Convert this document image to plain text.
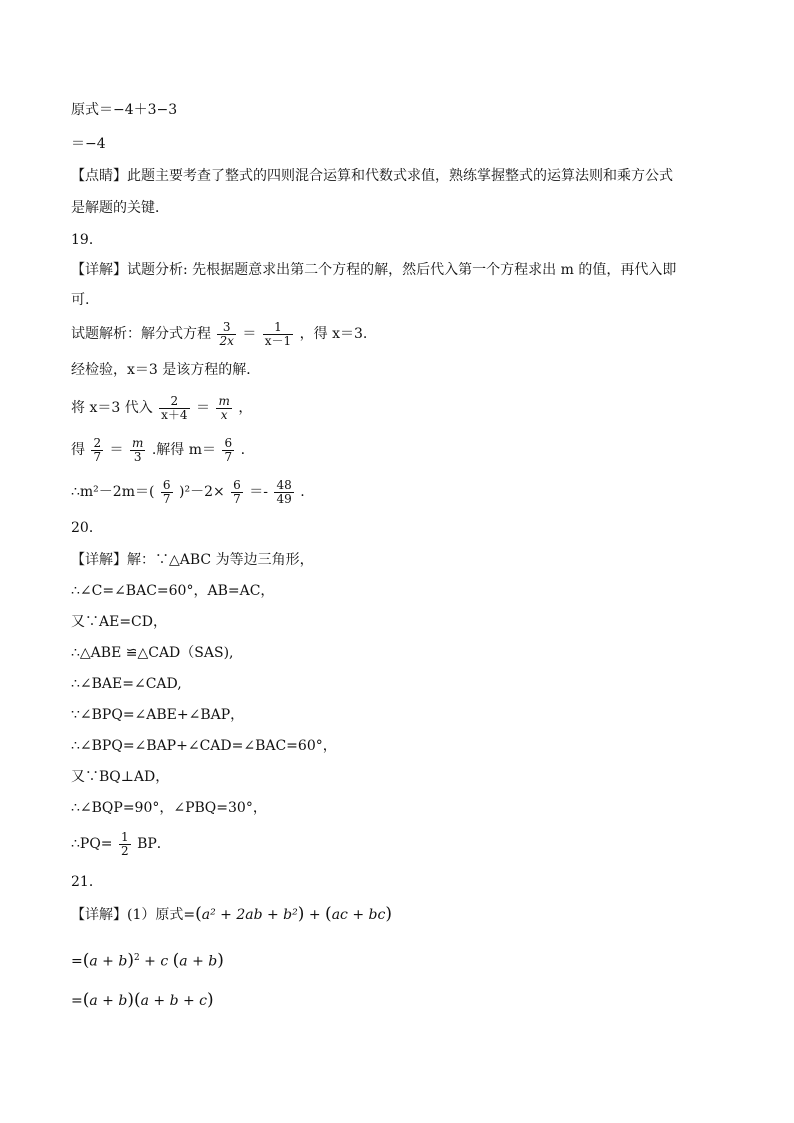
原式＝−4＋3−3
＝−4
【点睛】此题主要考查了整式的四则混合运算和代数式求值，熟练掌握整式的运算法则和乘方公式
是解题的关键．
19．
【详解】试题分析: 先根据题意求出第二个方程的解，然后代入第一个方程求出 m 的值，再代入即
可.
试题解析：解分式方程 $\frac{3}{2x} = \frac{1}{x-1}$ ，得 x＝3.
经检验，x＝3 是该方程的解．
将 x＝3 代入 $\frac{2}{x+4} = \frac{m}{x}$ ，
得 $\frac{2}{7} = \frac{m}{3}$ .解得 $m= \frac{6}{7}$ .
∴m²－2m＝( $\frac{6}{7} )^2-2\times \frac{6}{7} =- \frac{48}{49}$ .
20．
【详解】解：∵△ABC 为等边三角形，
∴∠C=∠BAC=60°，AB=AC，
又∵AE=CD，
∴△ABE ≌△CAD（SAS),
∴∠BAE=∠CAD,
∵∠BPQ=∠ABE+∠BAP，
∴∠BPQ=∠BAP+∠CAD=∠BAC=60°，
又∵BQ⊥AD，
∴∠BQP=90°，∠PBQ=30°，
∴PQ= $\frac{1}{2}$ BP．
21．
【详解】(1）原式=(a² + 2ab + b²) + (ac + bc)
$=(a + b)^2 + c$ (a + b)
=(a + b)(a + b + c)
